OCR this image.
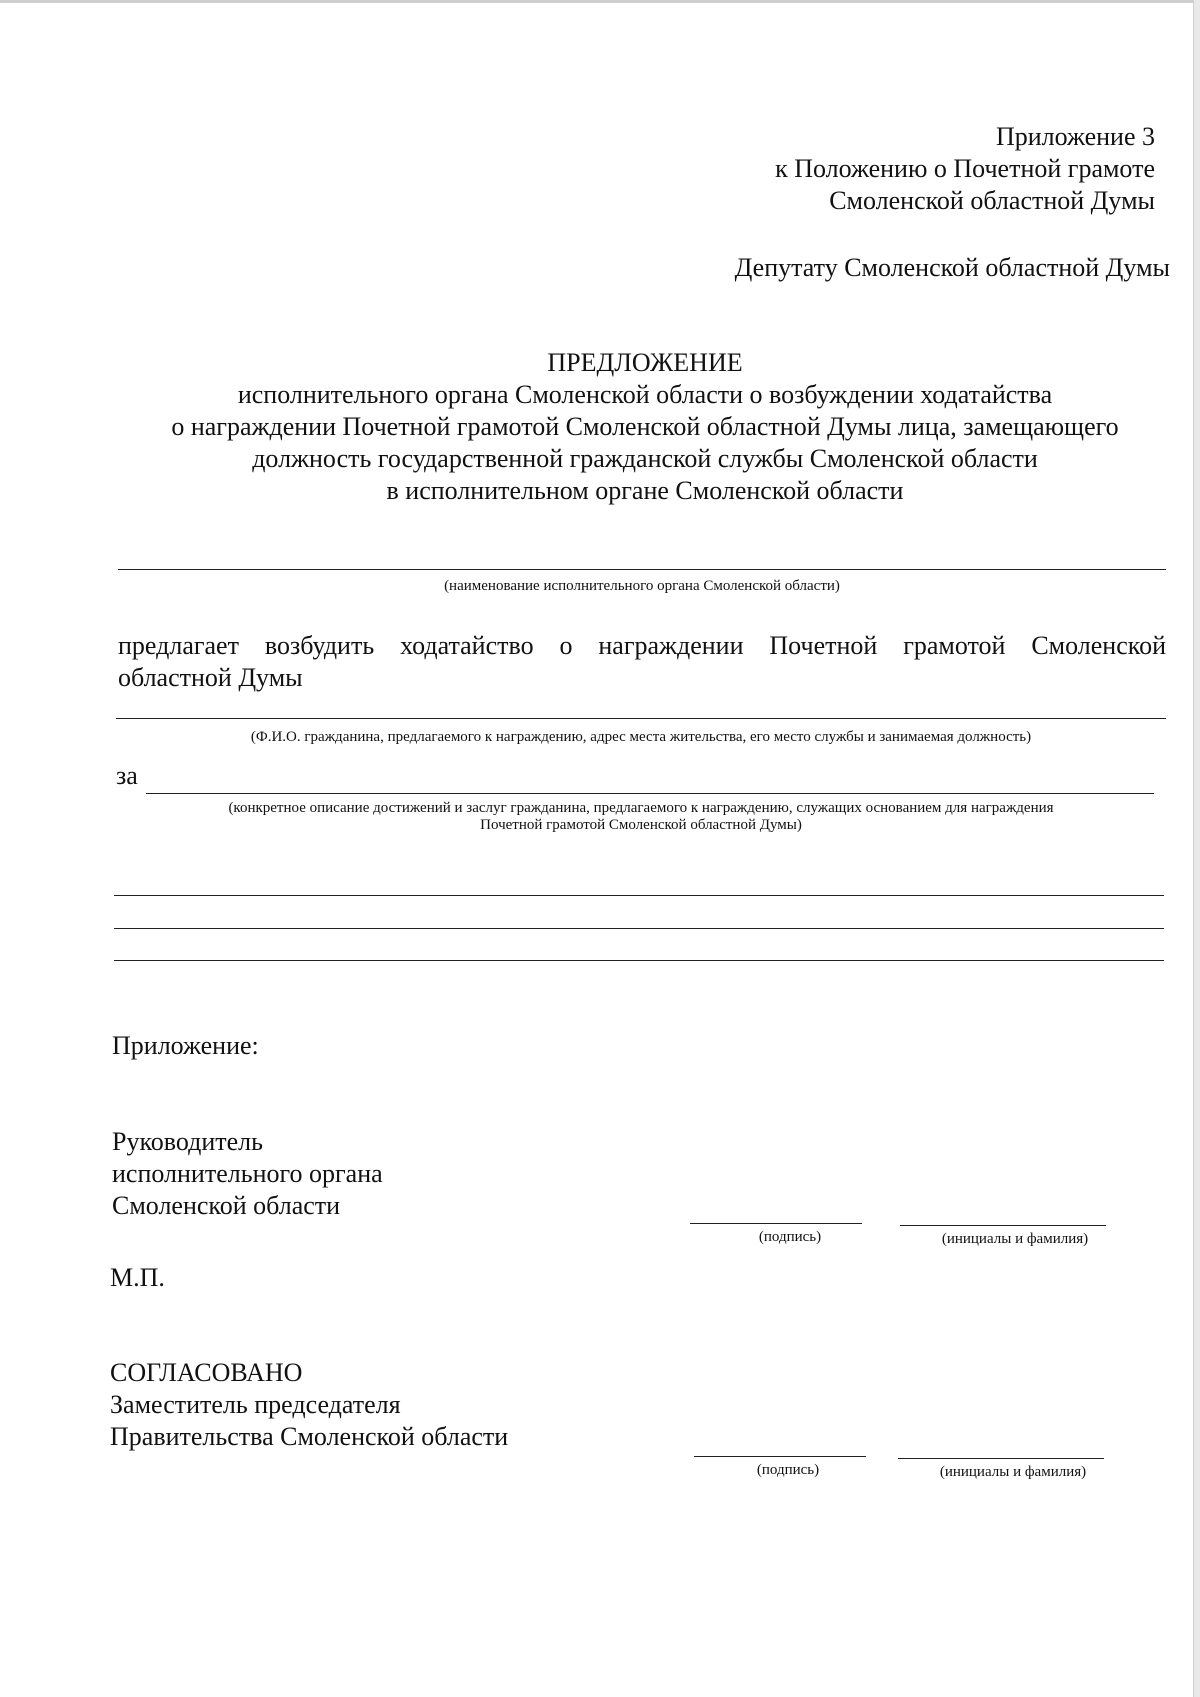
Приложение 3
к Положению о Почетной грамоте
Смоленской областной Думы
Депутату Смоленской областной Думы
ПРЕДЛОЖЕНИЕ
исполнительного органа Смоленской области о возбуждении ходатайства
о награждении Почетной грамотой Смоленской областной Думы лица, замещающего
должность государственной гражданской службы Смоленской области
в исполнительном органе Смоленской области
(наименование исполнительного органа Смоленской области)
предлагает возбудить ходатайство о награждении Почетной грамотой Смоленской
областной Думы
(Ф.И.О. гражданина, предлагаемого к награждению, адрес места жительства, его место службы и занимаемая должность)
за
(конкретное описание достижений и заслуг гражданина, предлагаемого к награждению, служащих основанием для награждения
Почетной грамотой Смоленской областной Думы)
Приложение:
Руководитель
исполнительного органа
Смоленской области
(подпись)	(инициалы и фамилия)
М.П.
СОГЛАСОВАНО
Заместитель председателя
Правительства Смоленской области
(подпись)	(инициалы и фамилия)
